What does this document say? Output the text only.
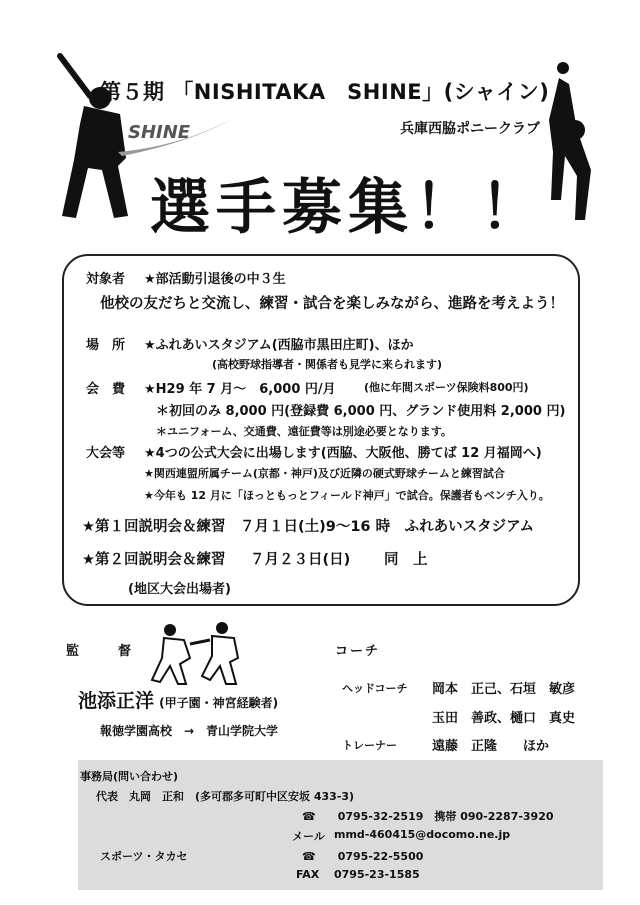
第５期 「NISHITAKA　SHINE」(シャイン)
SHINE	兵庫西脇ポニークラブ
選手募集！！
対象者 ★部活動引退後の中３生
他校の友だちと交流し、練習・試合を楽しみながら、進路を考えよう！
場　所 ★ふれあいスタジアム(西脇市黒田庄町)、ほか
(高校野球指導者・関係者も見学に来られます)
会　費 ★H29 年 7 月～　6,000 円/月	(他に年間スポーツ保険料800円)
＊初回のみ 8,000 円(登録費 6,000 円、グランド使用料 2,000 円)
＊ユニフォーム、交通費、遠征費等は別途必要となります。
大会等 ★4つの公式大会に出場します(西脇、大阪他、勝てば 12 月福岡へ)
★関西連盟所属チーム(京都・神戸)及び近隣の硬式野球チームと練習試合
★今年も 12 月に「ほっともっとフィールド神戸」で試合。保護者もベンチ入り。
★第１回説明会＆練習　７月１日(土)9～16 時　ふれあいスタジアム
★第２回説明会＆練習 ７月２３日(日) 同　上
(地区大会出場者)
監　督	コーチ
池添正洋 (甲子園・神宮経験者)
報徳学園高校　→　青山学院大学
ヘッドコーチ 岡本　正己、石垣　敏彦
玉田　善政、樋口　真史
トレーナー	遠藤　正隆　　ほか
事務局(問い合わせ)
代表　丸岡　正和　(多可郡多可町中区安坂 433-3)
☎　　0795-32-2519　携帯 090-2287-3920
メール mmd-460415@docomo.ne.jp
スポーツ・タカセ	☎　　0795-22-5500
FAX 0795-23-1585
